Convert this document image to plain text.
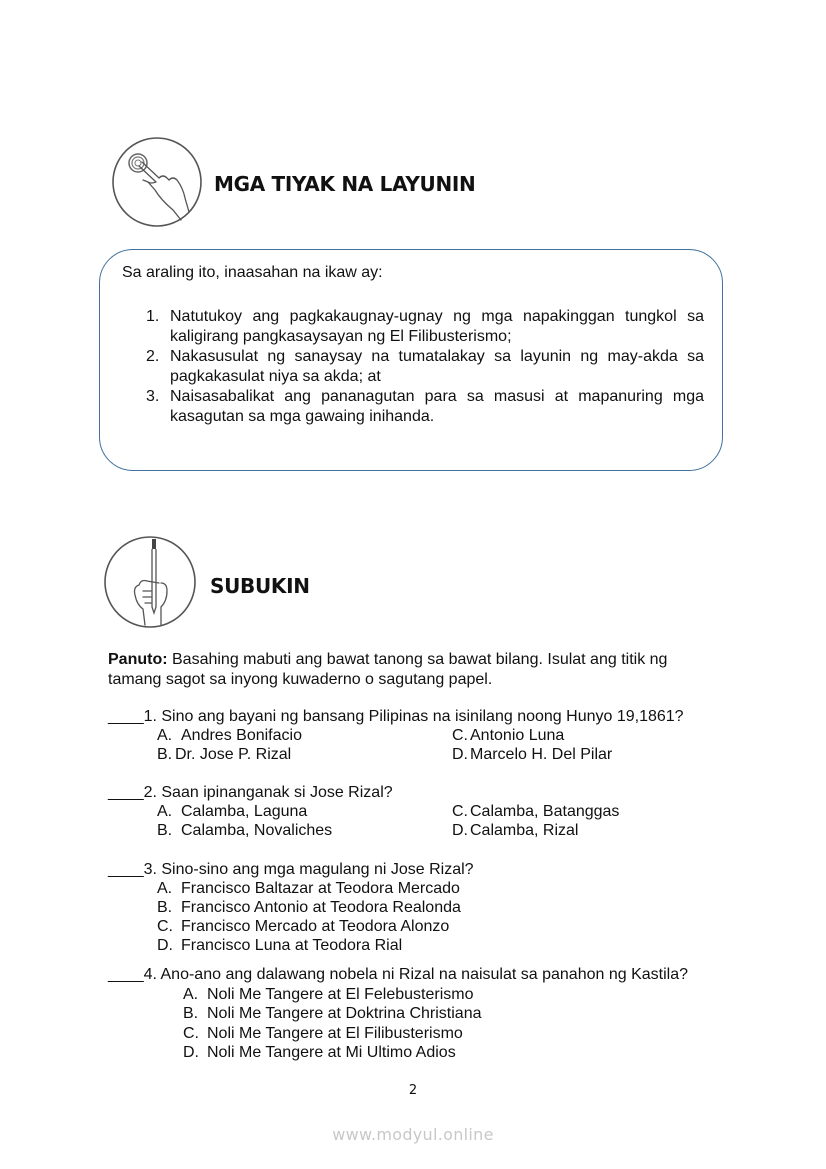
MGA TIYAK NA LAYUNIN
Sa araling ito, inaasahan na ikaw ay:
1. Natutukoy ang pagkakaugnay-ugnay ng mga napakinggan tungkol sa
kaligirang pangkasaysayan ng El Filibusterismo;
2. Nakasusulat ng sanaysay na tumatalakay sa layunin ng may-akda sa
pagkakasulat niya sa akda; at
3. Naisasabalikat ang pananagutan para sa masusi at mapanuring mga
kasagutan sa mga gawaing inihanda.
SUBUKIN
Panuto: Basahing mabuti ang bawat tanong sa bawat bilang. Isulat ang titik ng
tamang sagot sa inyong kuwaderno o sagutang papel.
____1. Sino ang bayani ng bansang Pilipinas na isinilang noong Hunyo 19,1861?
A. Andres Bonifacio
B. Dr. Jose P. Rizal
C. Antonio Luna
D. Marcelo H. Del Pilar
____2. Saan ipinanganak si Jose Rizal?
A. Calamba, Laguna
B. Calamba, Novaliches
C. Calamba, Batanggas
D. Calamba, Rizal
____3. Sino-sino ang mga magulang ni Jose Rizal?
A. Francisco Baltazar at Teodora Mercado
B. Francisco Antonio at Teodora Realonda
C. Francisco Mercado at Teodora Alonzo
D. Francisco Luna at Teodora Rial
____4. Ano-ano ang dalawang nobela ni Rizal na naisulat sa panahon ng Kastila?
A. Noli Me Tangere at El Felebusterismo
B. Noli Me Tangere at Doktrina Christiana
C. Noli Me Tangere at El Filibusterismo
D. Noli Me Tangere at Mi Ultimo Adios
2
www.modyul.online
